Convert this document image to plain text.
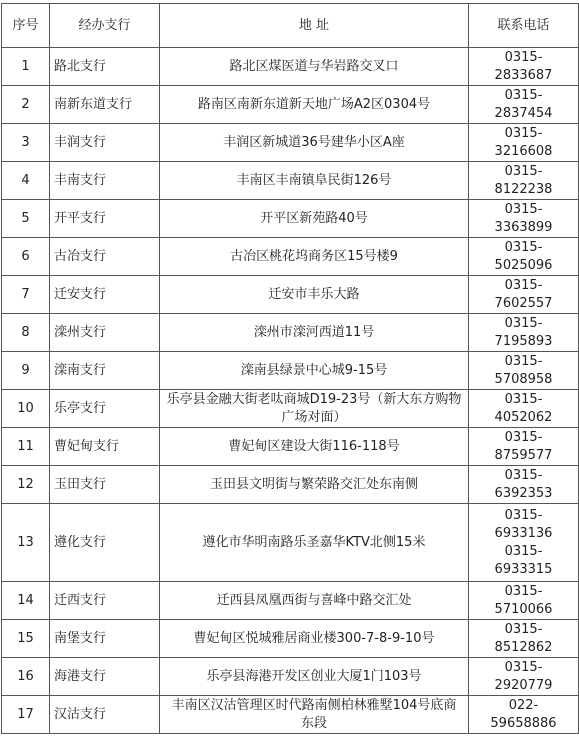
序号	经办支行	地 址	联系电话
1	路北支行	路北区煤医道与华岩路交叉口	0315-
2833687

2	南新东道支行	路南区南新东道新天地广场A2区0304号	0315-
2837454

3	丰润支行	丰润区新城道36号建华小区A座	0315-
3216608

4	丰南支行	丰南区丰南镇阜民街126号	0315-
8122238

5	开平支行	开平区新苑路40号	0315-
3363899

6	古冶支行	古冶区桃花坞商务区15号楼9	0315-
5025096

7	迁安支行	迁安市丰乐大路	0315-
7602557

8	滦州支行	滦州市滦河西道11号	0315-
7195893

9	滦南支行	滦南县绿景中心城9-15号	0315-
5708958

10	乐亭支行	乐亭县金融大街老呔商城D19-23号（新大东方购物广场对面）	0315-
4052062

11	曹妃甸支行	曹妃甸区建设大街116-118号	0315-
8759577

12	玉田支行	玉田县文明街与繁荣路交汇处东南侧	0315-
6392353

13	遵化支行	遵化市华明南路乐圣嘉华KTV北侧15米	0315-
6933136
0315-
6933315

14	迁西支行	迁西县凤凰西街与喜峰中路交汇处	0315-
5710066

15	南堡支行	曹妃甸区悦城雅居商业楼300-7-8-9-10号	0315-
8512862

16	海港支行	乐亭县海港开发区创业大厦1门103号	0315-
2920779

17	汉沽支行	丰南区汉沽管理区时代路南侧柏林雅墅104号底商东段	022-
59658886
